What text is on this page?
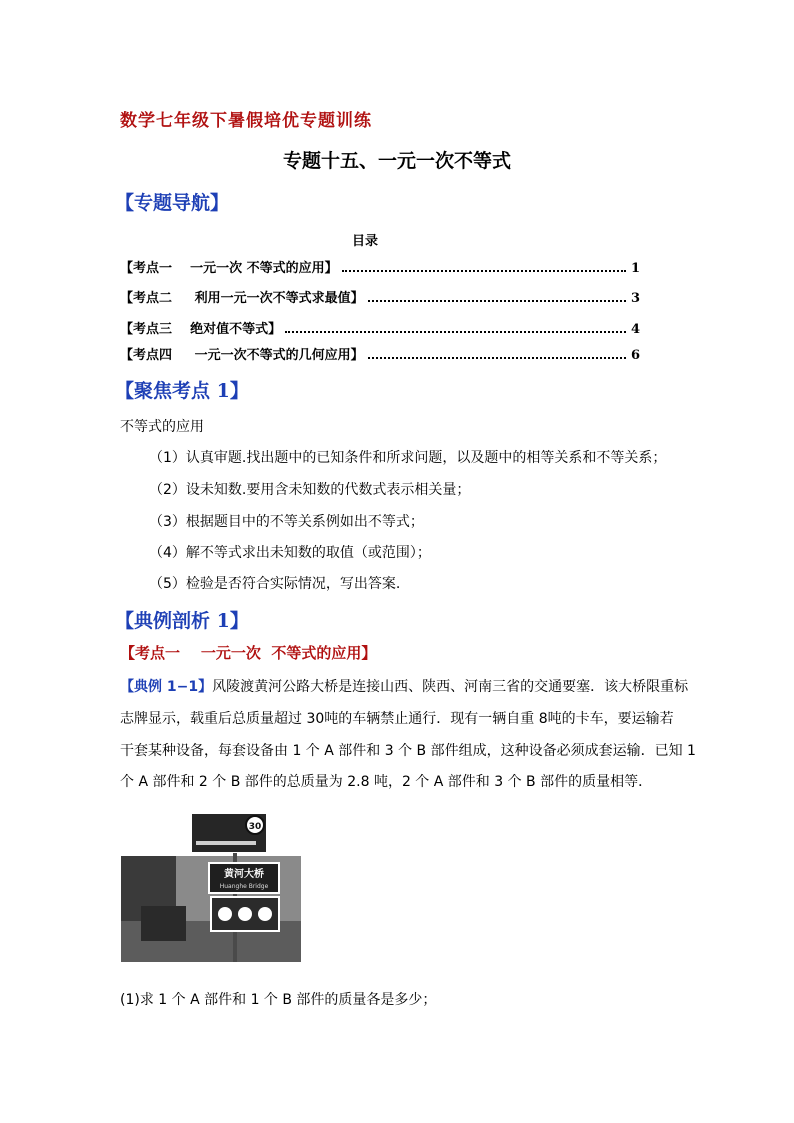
数学七年级下暑假培优专题训练
专题十五、一元一次不等式
【专题导航】
目录
【考点一    一元一次 不等式的应用】	1
【考点二     利用一元一次不等式求最值】	3
【考点三    绝对值不等式】	4
【考点四     一元一次不等式的几何应用】	6
【聚焦考点 1】
不等式的应用
（1）认真审题.找出题中的已知条件和所求问题，以及题中的相等关系和不等关系；
（2）设未知数.要用含未知数的代数式表示相关量；
（3）根据题目中的不等关系例如出不等式；
（4）解不等式求出未知数的取值（或范围）；
（5）检验是否符合实际情况，写出答案.
【典例剖析 1】
【考点一    一元一次  不等式的应用】
【典例 1−1】风陵渡黄河公路大桥是连接山西、陕西、河南三省的交通要塞．该大桥限重标
志牌显示，载重后总质量超过 30吨的车辆禁止通行．现有一辆自重 8吨的卡车，要运输若
干套某种设备，每套设备由 1 个 A 部件和 3 个 B 部件组成，这种设备必须成套运输．已知 1
个 A 部件和 2 个 B 部件的总质量为 2.8 吨，2 个 A 部件和 3 个 B 部件的质量相等．
30
黄河大桥
Huanghe Bridge
(1)求 1 个 A 部件和 1 个 B 部件的质量各是多少；
